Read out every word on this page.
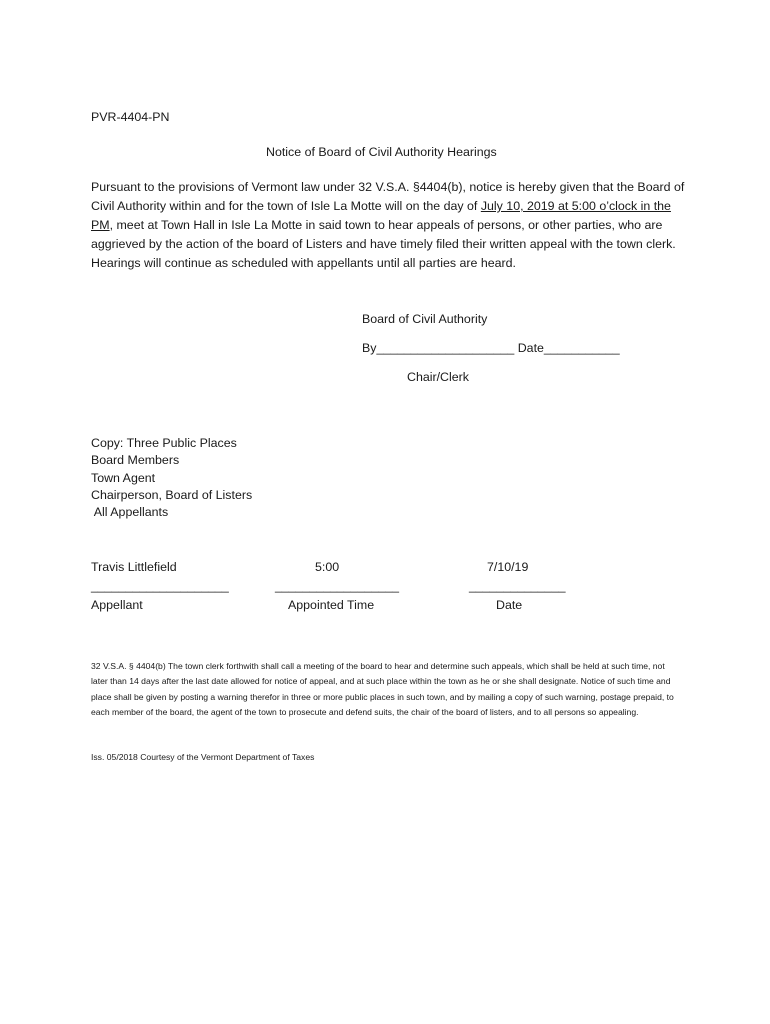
PVR-4404-PN
Notice of Board of Civil Authority Hearings
Pursuant to the provisions of Vermont law under 32 V.S.A. §4404(b), notice is hereby given that the Board of Civil Authority within and for the town of Isle La Motte will on the day of July 10, 2019 at 5:00 o’clock in the PM, meet at Town Hall in Isle La Motte in said town to hear appeals of persons, or other parties, who are aggrieved by the action of the board of Listers and have timely filed their written appeal with the town clerk. Hearings will continue as scheduled with appellants until all parties are heard.
Board of Civil Authority
By____________________ Date___________
Chair/Clerk
Copy: Three Public Places
Board Members
Town Agent
Chairperson, Board of Listers
All Appellants
Travis Littlefield	5:00	7/10/19
____________________	__________________	______________
Appellant	Appointed Time	Date
32 V.S.A. § 4404(b) The town clerk forthwith shall call a meeting of the board to hear and determine such appeals, which shall be held at such time, not later than 14 days after the last date allowed for notice of appeal, and at such place within the town as he or she shall designate. Notice of such time and place shall be given by posting a warning therefor in three or more public places in such town, and by mailing a copy of such warning, postage prepaid, to each member of the board, the agent of the town to prosecute and defend suits, the chair of the board of listers, and to all persons so appealing.
Iss. 05/2018 Courtesy of the Vermont Department of Taxes
